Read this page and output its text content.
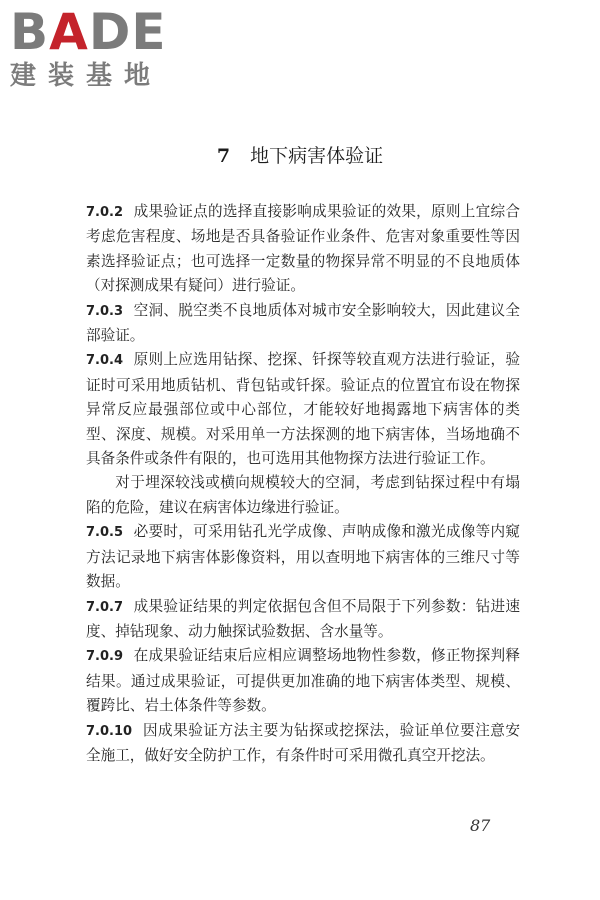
BADE
建装基地
7 地下病害体验证

7.0.2 成果验证点的选择直接影响成果验证的效果，原则上宜综合考虑危害程度、场地是否具备验证作业条件、危害对象重要性等因素选择验证点；也可选择一定数量的物探异常不明显的不良地质体（对探测成果有疑问）进行验证。

7.0.3 空洞、脱空类不良地质体对城市安全影响较大，因此建议全部验证。

7.0.4 原则上应选用钻探、挖探、钎探等较直观方法进行验证，验证时可采用地质钻机、背包钻或钎探。验证点的位置宜布设在物探异常反应最强部位或中心部位，才能较好地揭露地下病害体的类型、深度、规模。对采用单一方法探测的地下病害体，当场地确不具备条件或条件有限的，也可选用其他物探方法进行验证工作。

对于埋深较浅或横向规模较大的空洞，考虑到钻探过程中有塌陷的危险，建议在病害体边缘进行验证。

7.0.5 必要时，可采用钻孔光学成像、声呐成像和激光成像等内窥方法记录地下病害体影像资料，用以查明地下病害体的三维尺寸等数据。

7.0.7 成果验证结果的判定依据包含但不局限于下列参数：钻进速度、掉钻现象、动力触探试验数据、含水量等。

7.0.9 在成果验证结束后应相应调整场地物性参数，修正物探判释结果。通过成果验证，可提供更加准确的地下病害体类型、规模、覆跨比、岩土体条件等参数。

7.0.10 因成果验证方法主要为钻探或挖探法，验证单位要注意安全施工，做好安全防护工作，有条件时可采用微孔真空开挖法。

87
